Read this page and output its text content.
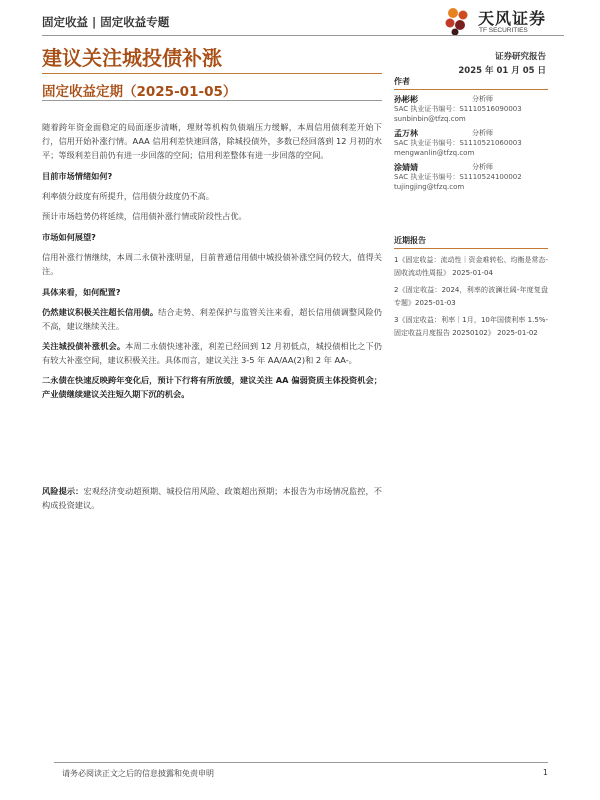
固定收益 | 固定收益专题	天风证券
TF SECURITIES
建议关注城投债补涨	证券研究报告
2025 年 01 月 05 日
固定收益定期（2025-01-05）

随着跨年资金面稳定的局面逐步清晰，理财等机构负债端压力缓解，本周信用债利差开始下行，信用开始补涨行情。AAA 信用利差快速回落，除城投债外，多数已经回落到 12 月初的水平；等级利差目前仍有进一步回落的空间；信用利差整体有进一步回落的空间。

目前市场情绪如何?

利率债分歧度有所提升，信用债分歧度仍不高。

预计市场趋势仍将延续，信用债补涨行情或阶段性占优。

市场如何展望?

信用补涨行情继续，本周二永债补涨明显，目前普通信用债中城投债补涨空间仍较大，值得关注。

具体来看，如何配置?

仍然建议积极关注超长信用债。结合走势、利差保护与监管关注来看，超长信用债调整风险仍不高，建议继续关注。

关注城投债补涨机会。本周二永债快速补涨，利差已经回到 12 月初低点，城投债相比之下仍有较大补涨空间，建议积极关注。具体而言，建议关注 3-5 年 AA/AA(2)和 2 年 AA-。

二永债在快速反映跨年变化后，预计下行将有所放缓，建议关注 AA 偏弱资质主体投资机会；产业债继续建议关注短久期下沉的机会。

风险提示：宏观经济变动超预期、城投信用风险、政策超出预期；本报告为市场情况监控，不构成投资建议。
作者
孙彬彬	分析师
SAC 执业证书编号：S1110516090003
sunbinbin@tfzq.com
孟万林	分析师
SAC 执业证书编号：S1110521060003
mengwanlin@tfzq.com
涂婧婧	分析师
SAC 执业证书编号：S1110524100002
tujingjing@tfzq.com
近期报告
1《固定收益：流动性｜资金难转松、均衡是常态-固收流动性周报》 2025-01-04
2《固定收益：2024，利率的波澜壮阔-年度复盘专题》2025-01-03
3《固定收益：利率｜1月，10年国债利率 1.5%-固定收益月度报告 20250102》 2025-01-02
请务必阅读正文之后的信息披露和免责申明	1
